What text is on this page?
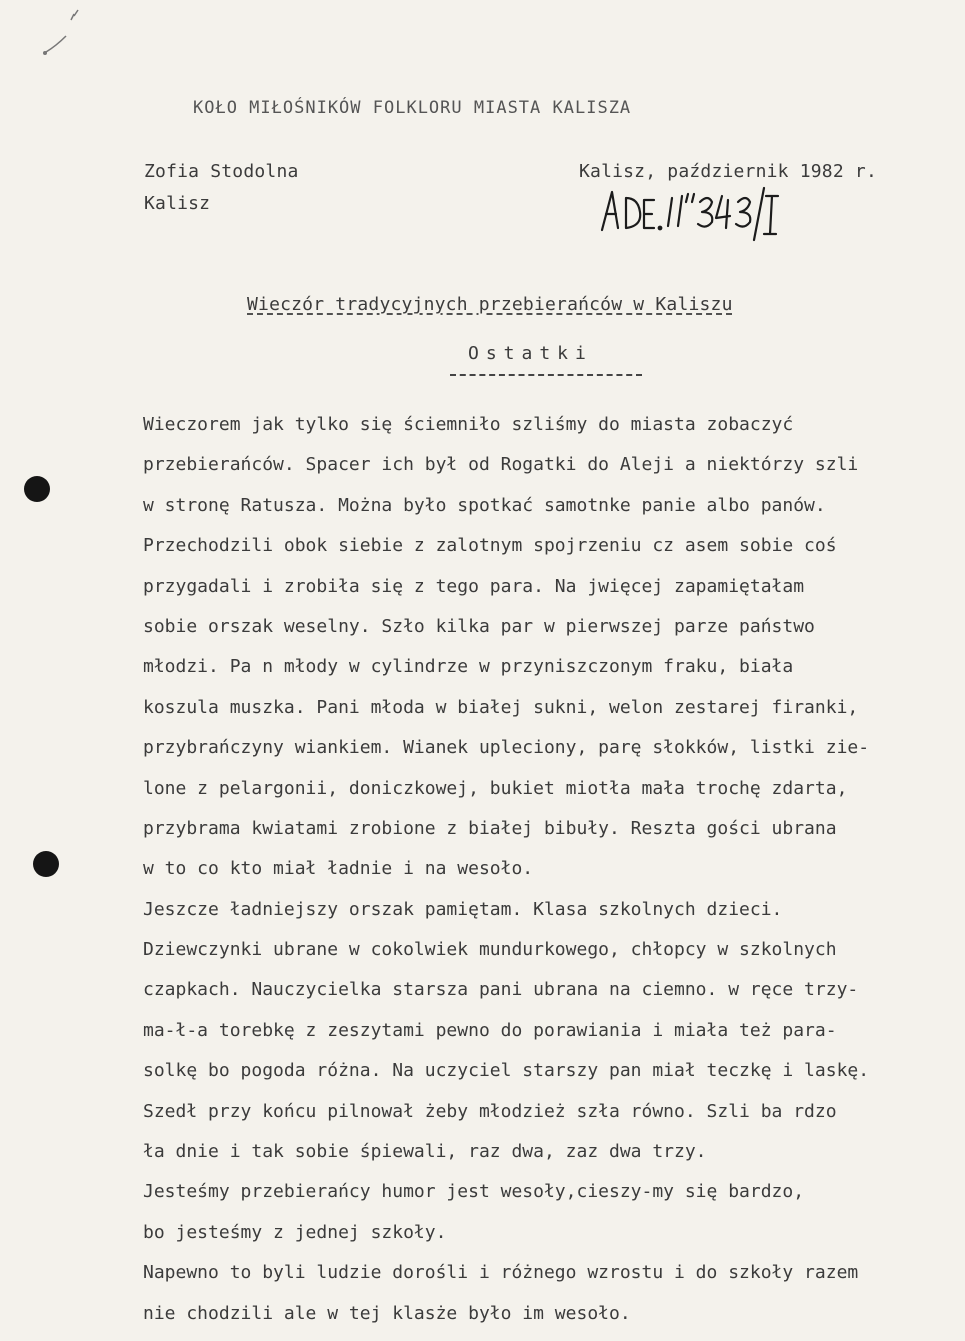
KOŁO MIŁOŚNIKÓW FOLKLORU MIASTA KALISZA
Zofia Stodolna
Kalisz
Kalisz, październik 1982 r.
Wieczór tradycyjnych przebierańców w Kaliszu
Ostatki
Wieczorem jak tylko się ściemniło szliśmy do miasta zobaczyć
przebierańców. Spacer ich był od Rogatki do Aleji a niektórzy szli
w stronę Ratusza. Można było spotkać samotnke panie albo panów.
Przechodzili obok siebie z zalotnym spojrzeniu cz asem sobie coś
przygadali i zrobiła się z tego para. Na jwięcej zapamiętałam
sobie orszak weselny. Szło kilka par w pierwszej parze państwo
młodzi. Pa n młody w cylindrze w przyniszczonym fraku, biała
koszula muszka. Pani młoda w białej sukni, welon zestarej firanki,
przybrańczyny wiankiem. Wianek upleciony, parę słokków, listki zie-
lone z pelargonii, doniczkowej, bukiet miotła mała trochę zdarta,
przybrama kwiatami zrobione z białej bibuły. Reszta gości ubrana
w to co kto miał ładnie i na wesoło.
Jeszcze ładniejszy orszak pamiętam. Klasa szkolnych dzieci.
Dziewczynki ubrane w cokolwiek mundurkowego, chłopcy w szkolnych
czapkach. Nauczycielka starsza pani ubrana na ciemno. w ręce trzy-
ma-ł-a torebkę z zeszytami pewno do porawiania i miała też para-
solkę bo pogoda różna. Na uczyciel starszy pan miał teczkę i laskę.
Szedł przy końcu pilnował żeby młodzież szła równo. Szli ba rdzo
ła dnie i tak sobie śpiewali, raz dwa, zaz dwa trzy.
Jesteśmy przebierańcy humor jest wesoły,cieszy-my się bardzo,
bo jesteśmy z jednej szkoły.
Napewno to byli ludzie dorośli i różnego wzrostu i do szkoły razem
nie chodzili ale w tej klasże było im wesoło.
